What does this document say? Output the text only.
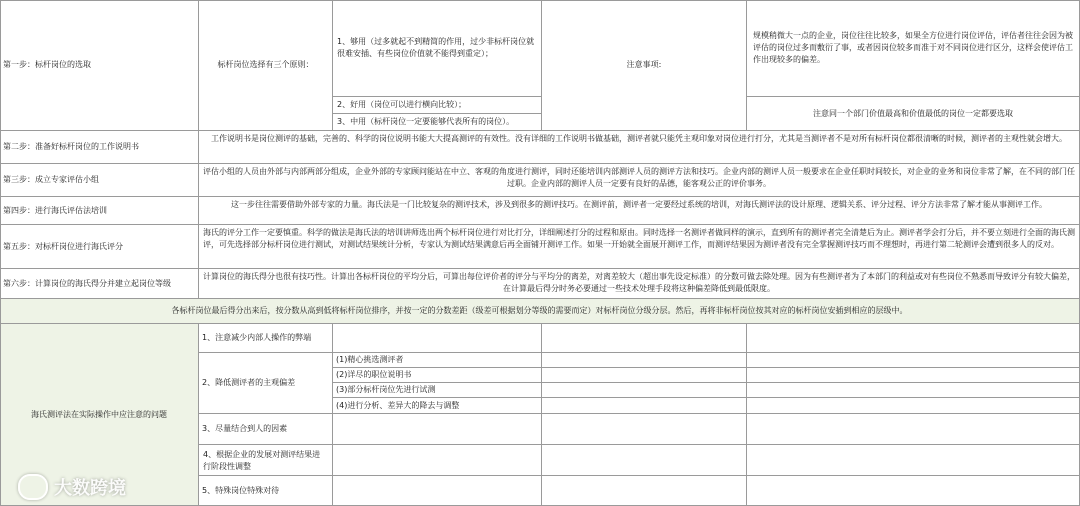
第一步：标杆岗位的选取	标杆岗位选择有三个原则：
1、够用（过多就起不到精简的作用，过少非标杆岗位就很难安插、有些岗位价值就不能得到重定）；
注意事项:
规模稍微大一点的企业，岗位往往比较多，如果全方位进行岗位评估，评估者往往会因为被评估的岗位过多而敷衍了事，或者因岗位较多而准于对不同岗位进行区分，这样会使评估工作出现较多的偏差。
2、好用（岗位可以进行横向比较）；
3、中用（标杆岗位一定要能够代表所有的岗位）。
注意同一个部门价值最高和价值最低的岗位一定都要选取
第二步：准备好标杆岗位的工作说明书
工作说明书是岗位测评的基础，完善的、科学的岗位说明书能大大提高测评的有效性。没有详细的工作说明书做基础，测评者就只能凭主观印象对岗位进行打分，尤其是当测评者不是对所有标杆岗位都很清晰的时候，测评者的主观性就会增大。
第三步：成立专家评估小组
评估小组的人员由外部与内部两部分组成，企业外部的专家顾问能站在中立、客观的角度进行测评，同时还能培训内部测评人员的测评方法和技巧。企业内部的测评人员一般要求在企业任职时间较长，对企业的业务和岗位非常了解，在不同的部门任过职。企业内部的测评人员一定要有良好的品德，能客观公正的评价事务。
第四步：进行海氏评估法培训
这一步往往需要借助外部专家的力量。海氏法是一门比较复杂的测评技术，涉及到很多的测评技巧。在测评前，测评者一定要经过系统的培训，对海氏测评法的设计原理、逻辑关系、评分过程、评分方法非常了解才能从事测评工作。
第五步：对标杆岗位进行海氏评分
海氏的评分工作一定要慎重。科学的做法是海氏法的培训讲师选出两个标杆岗位进行对比打分，详细阐述打分的过程和原由。同时选择一名测评者做同样的演示，直到所有的测评者完全清楚后为止。测评者学会打分后，并不要立刻进行全面的海氏测评，可先选择部分标杆岗位进行测试，对测试结果统计分析，专家认为测试结果满意后再全面铺开测评工作。如果一开始就全面展开测评工作，而测评结果因为测评者没有完全掌握测评技巧而不理想时，再进行第二轮测评会遭到很多人的反对。
第六步：计算岗位的海氏得分并建立起岗位等级
计算岗位的海氏得分也很有技巧性。计算出各标杆岗位的平均分后，可算出每位评价者的评分与平均分的离差，对离差较大（超出事先设定标准）的分数可做去除处理。因为有些测评者为了本部门的利益或对有些岗位不熟悉而导致评分有较大偏差，在计算最后得分时务必要通过一些技术处理手段将这种偏差降低到最低限度。
各标杆岗位最后得分出来后，按分数从高到低将标杆岗位排序，并按一定的分数差距（级差可根据划分等级的需要而定）对标杆岗位分级分层。然后，再将非标杆岗位按其对应的标杆岗位安插到相应的层级中。
海氏测评法在实际操作中应注意的问题
1、注意减少内部人操作的弊端
2、降低测评者的主观偏差
(1)精心挑选测评者
(2)详尽的职位说明书
(3)部分标杆岗位先进行试测
(4)进行分析、差异大的降去与调整
3、尽量结合到人的因素
4、根据企业的发展对测评结果进行阶段性调整
5、特殊岗位特殊对待
大数跨境
